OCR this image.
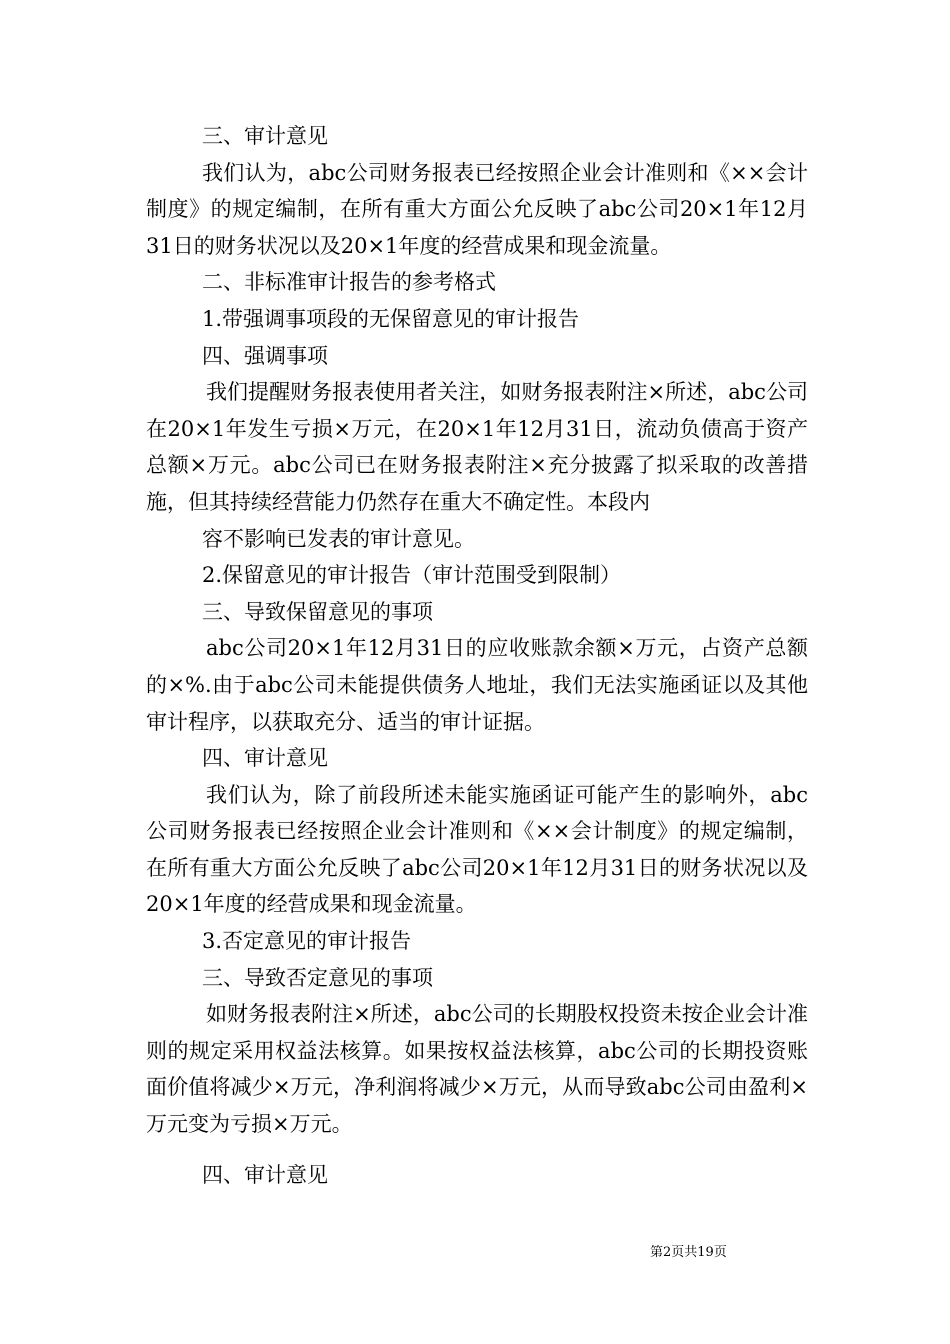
三、审计意见

我们认为，abc公司财务报表已经按照企业会计准则和《××会计制度》的规定编制，在所有重大方面公允反映了abc公司20×1年12月31日的财务状况以及20×1年度的经营成果和现金流量。

二、非标准审计报告的参考格式

1.带强调事项段的无保留意见的审计报告

四、强调事项

我们提醒财务报表使用者关注，如财务报表附注×所述，abc公司在20×1年发生亏损×万元，在20×1年12月31日，流动负债高于资产总额×万元。abc公司已在财务报表附注×充分披露了拟采取的改善措施，但其持续经营能力仍然存在重大不确定性。本段内

容不影响已发表的审计意见。

2.保留意见的审计报告（审计范围受到限制）

三、导致保留意见的事项

abc公司20×1年12月31日的应收账款余额×万元，占资产总额的×%.由于abc公司未能提供债务人地址，我们无法实施函证以及其他审计程序，以获取充分、适当的审计证据。

四、审计意见

我们认为，除了前段所述未能实施函证可能产生的影响外，abc公司财务报表已经按照企业会计准则和《××会计制度》的规定编制，在所有重大方面公允反映了abc公司20×1年12月31日的财务状况以及20×1年度的经营成果和现金流量。

3.否定意见的审计报告

三、导致否定意见的事项

如财务报表附注×所述，abc公司的长期股权投资未按企业会计准则的规定采用权益法核算。如果按权益法核算，abc公司的长期投资账面价值将减少×万元，净利润将减少×万元，从而导致abc公司由盈利×万元变为亏损×万元。

四、审计意见

第2页共19页
